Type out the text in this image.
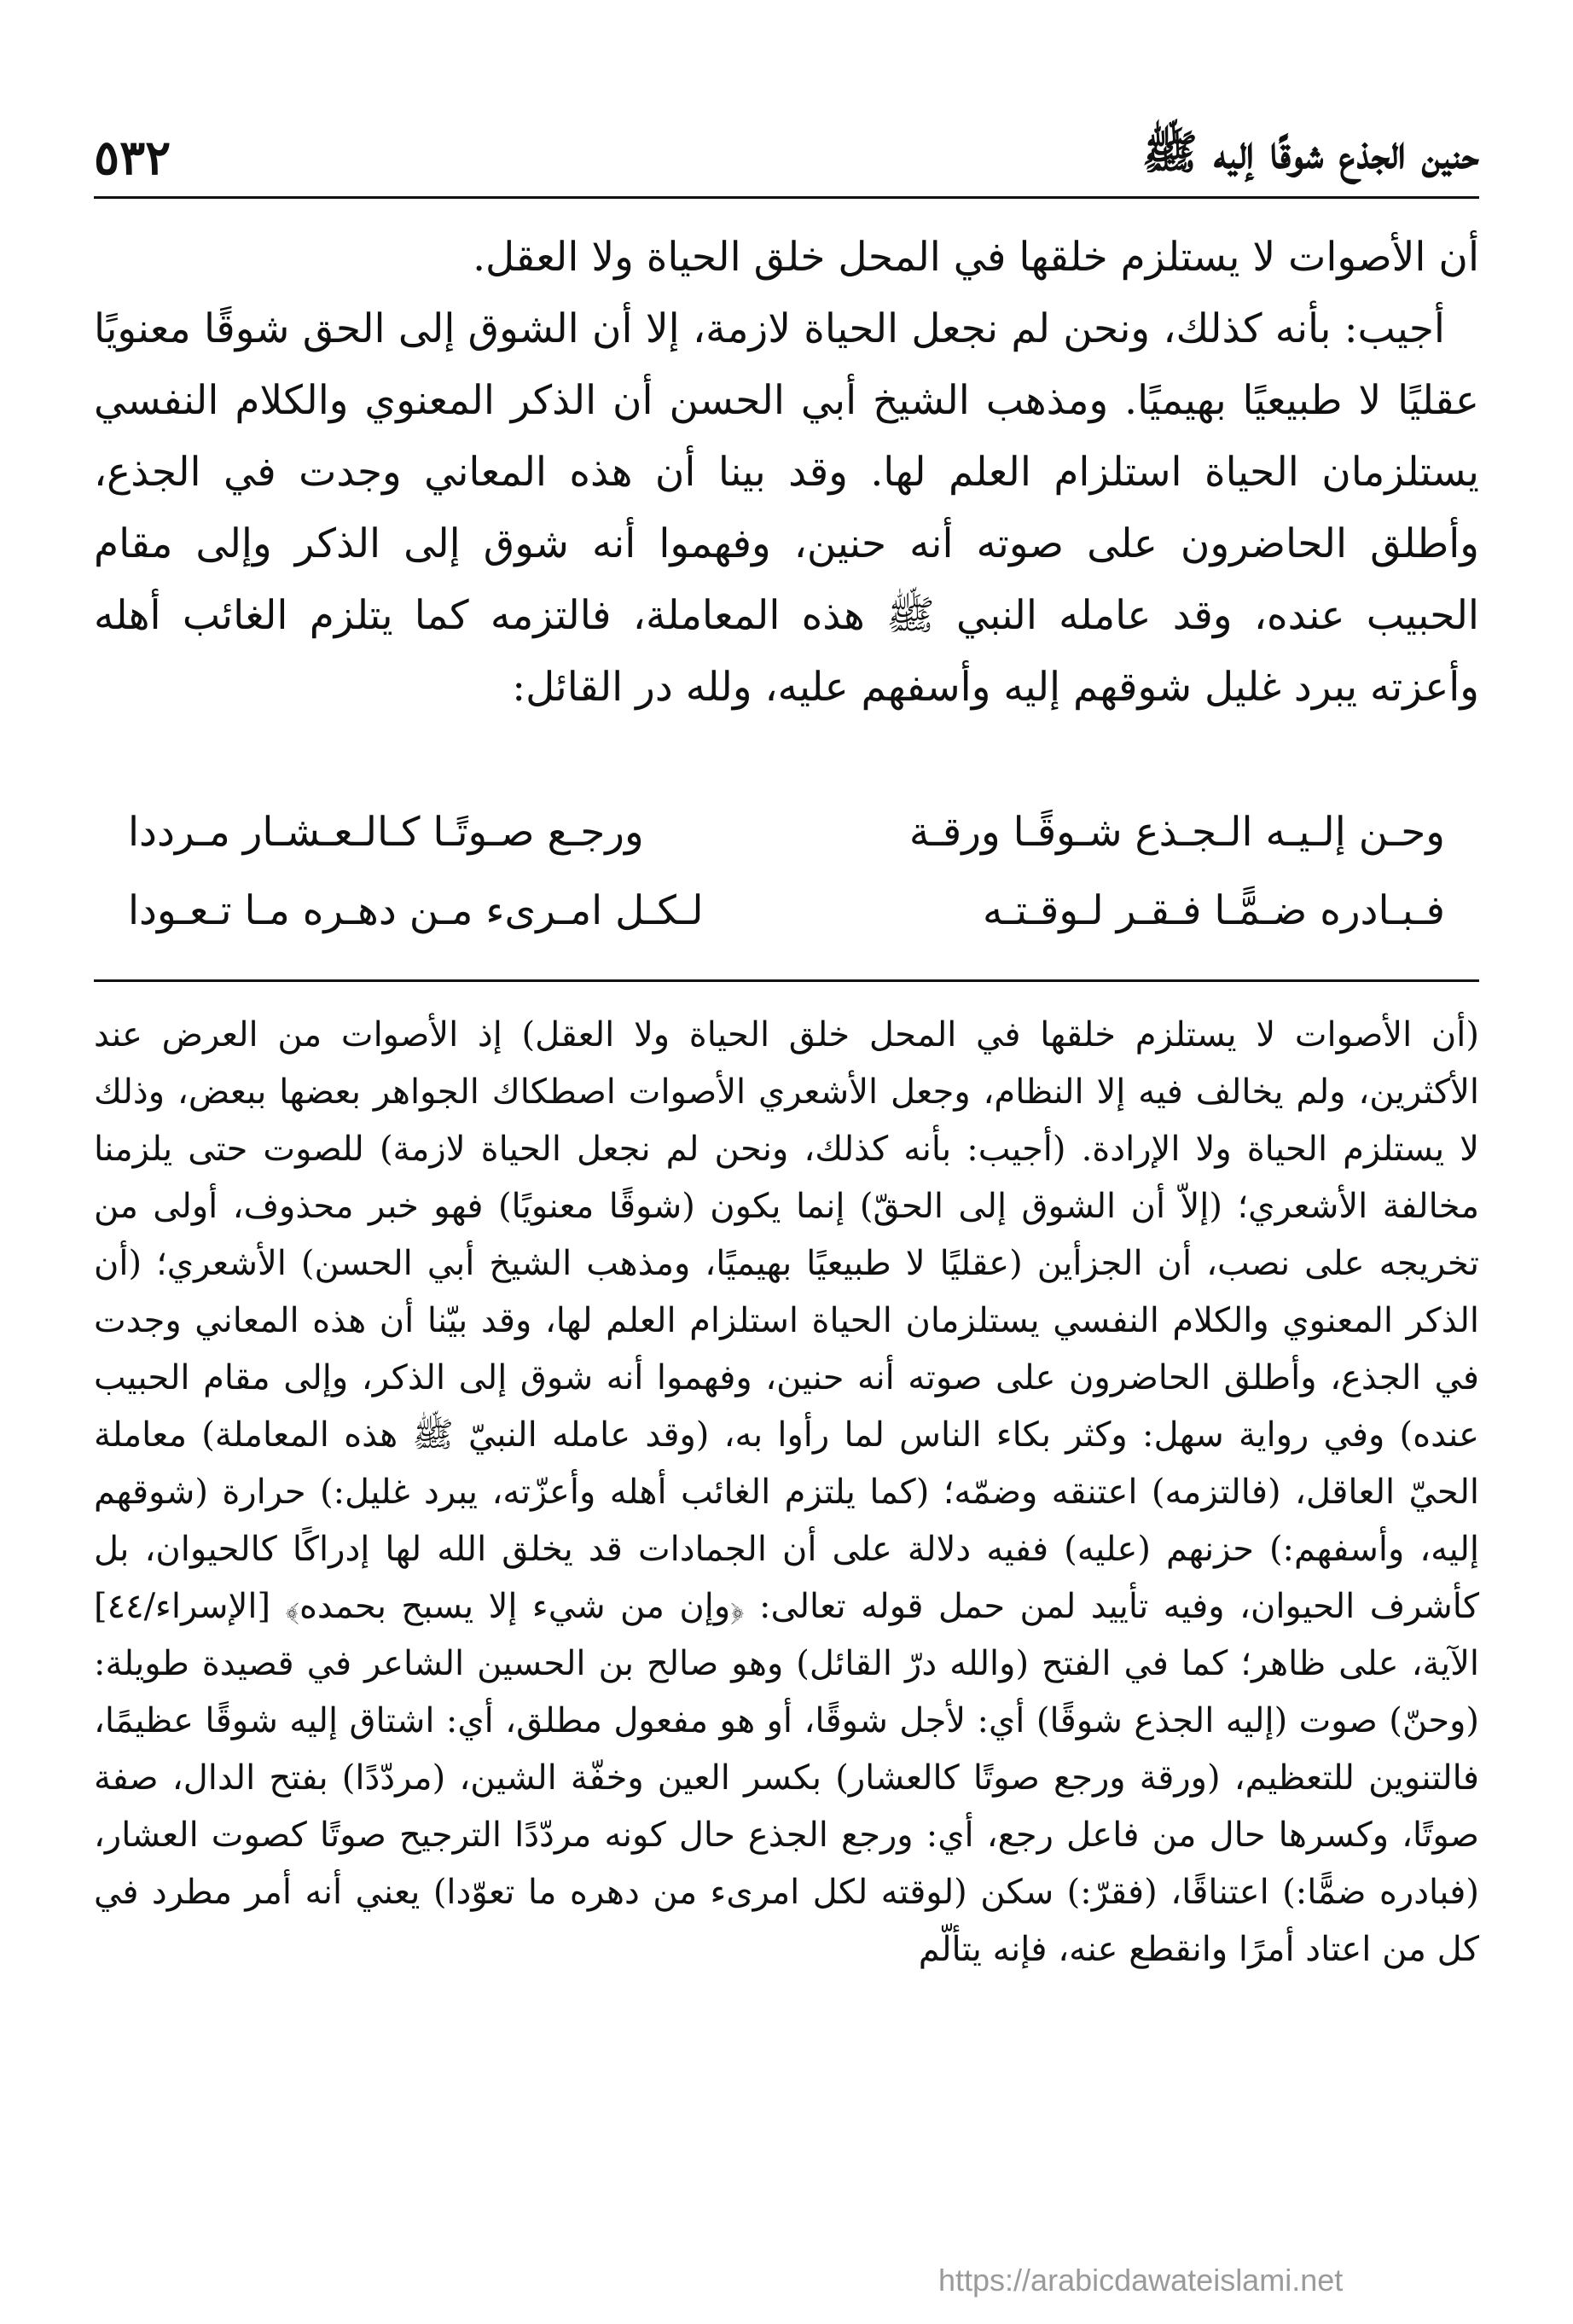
حنين الجذع شوقًا إليه ﷺ
٥٣٢

أن الأصوات لا يستلزم خلقها في المحل خلق الحياة ولا العقل.

أجيب: بأنه كذلك، ونحن لم نجعل الحياة لازمة، إلا أن الشوق إلى الحق شوقًا معنويًا عقليًا لا طبيعيًا بهيميًا. ومذهب الشيخ أبي الحسن أن الذكر المعنوي والكلام النفسي يستلزمان الحياة استلزام العلم لها. وقد بينا أن هذه المعاني وجدت في الجذع، وأطلق الحاضرون على صوته أنه حنين، وفهموا أنه شوق إلى الذكر وإلى مقام الحبيب عنده، وقد عامله النبي ﷺ هذه المعاملة، فالتزمه كما يتلزم الغائب أهله وأعزته يبرد غليل شوقهم إليه وأسفهم عليه، ولله در القائل:

وحـن إلـيـه الـجـذع شـوقًـا ورقـة
ورجـع صـوتًـا كـالـعـشـار مـرددا
فـبـادره ضـمًّـا فـقـر لـوقـتـه
لـكـل امـرىء مـن دهـره مـا تـعـودا

(أن الأصوات لا يستلزم خلقها في المحل خلق الحياة ولا العقل) إذ الأصوات من العرض عند الأكثرين، ولم يخالف فيه إلا النظام، وجعل الأشعري الأصوات اصطكاك الجواهر بعضها ببعض، وذلك لا يستلزم الحياة ولا الإرادة. (أجيب: بأنه كذلك، ونحن لم نجعل الحياة لازمة) للصوت حتى يلزمنا مخالفة الأشعري؛ (إلاّ أن الشوق إلى الحقّ) إنما يكون (شوقًا معنويًا) فهو خبر محذوف، أولى من تخريجه على نصب، أن الجزأين (عقليًا لا طبيعيًا بهيميًا، ومذهب الشيخ أبي الحسن) الأشعري؛ (أن الذكر المعنوي والكلام النفسي يستلزمان الحياة استلزام العلم لها، وقد بيّنا أن هذه المعاني وجدت في الجذع، وأطلق الحاضرون على صوته أنه حنين، وفهموا أنه شوق إلى الذكر، وإلى مقام الحبيب عنده) وفي رواية سهل: وكثر بكاء الناس لما رأوا به، (وقد عامله النبيّ ﷺ هذه المعاملة) معاملة الحيّ العاقل، (فالتزمه) اعتنقه وضمّه؛ (كما يلتزم الغائب أهله وأعزّته، يبرد غليل:) حرارة (شوقهم إليه، وأسفهم:) حزنهم (عليه) ففيه دلالة على أن الجمادات قد يخلق الله لها إدراكًا كالحيوان، بل كأشرف الحيوان، وفيه تأييد لمن حمل قوله تعالى: ﴿وإن من شيء إلا يسبح بحمده﴾ [الإسراء/٤٤] الآية، على ظاهر؛ كما في الفتح (والله درّ القائل) وهو صالح بن الحسين الشاعر في قصيدة طويلة: (وحنّ) صوت (إليه الجذع شوقًا) أي: لأجل شوقًا، أو هو مفعول مطلق، أي: اشتاق إليه شوقًا عظيمًا، فالتنوين للتعظيم، (ورقة ورجع صوتًا كالعشار) بكسر العين وخفّة الشين، (مردّدًا) بفتح الدال، صفة صوتًا، وكسرها حال من فاعل رجع، أي: ورجع الجذع حال كونه مردّدًا الترجيح صوتًا كصوت العشار، (فبادره ضمًّا:) اعتناقًا، (فقرّ:) سكن (لوقته لكل امرىء من دهره ما تعوّدا) يعني أنه أمر مطرد في كل من اعتاد أمرًا وانقطع عنه، فإنه يتألّم

https://arabicdawateislami.net
